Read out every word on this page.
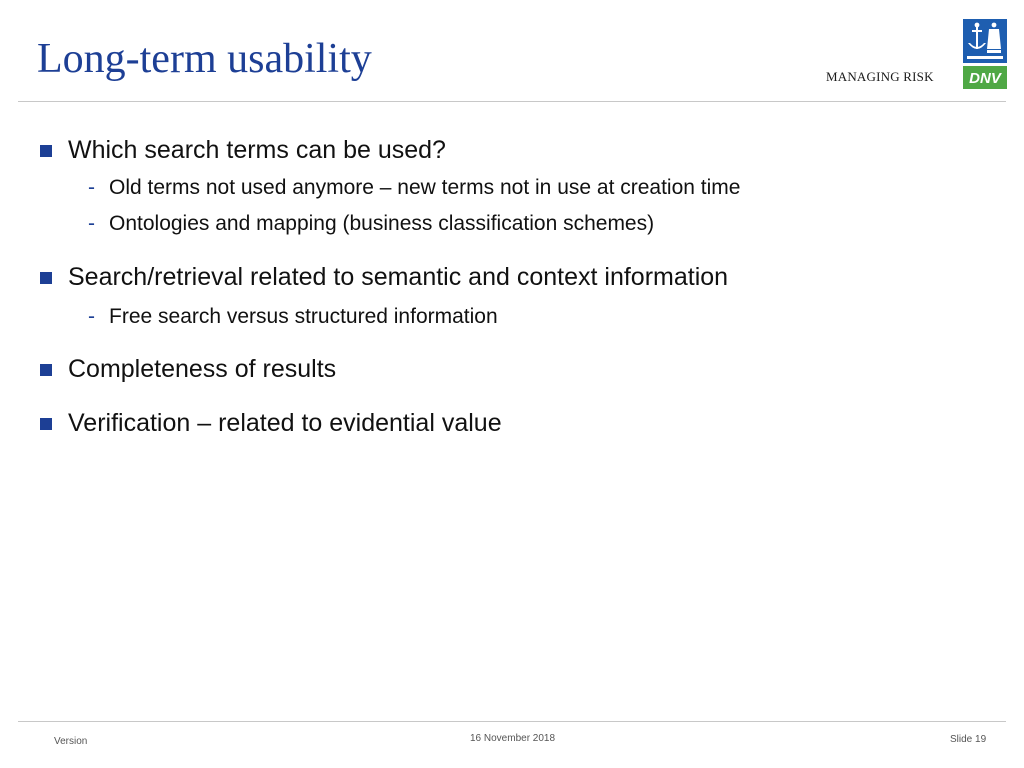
Long-term usability	MANAGING RISK DNV
Which search terms can be used?
- Old terms not used anymore – new terms not in use at creation time
- Ontologies and mapping (business classification schemes)
Search/retrieval related to semantic and context information
- Free search versus structured information
Completeness of results
Verification – related to evidential value
Version	16 November 2018	Slide 19
